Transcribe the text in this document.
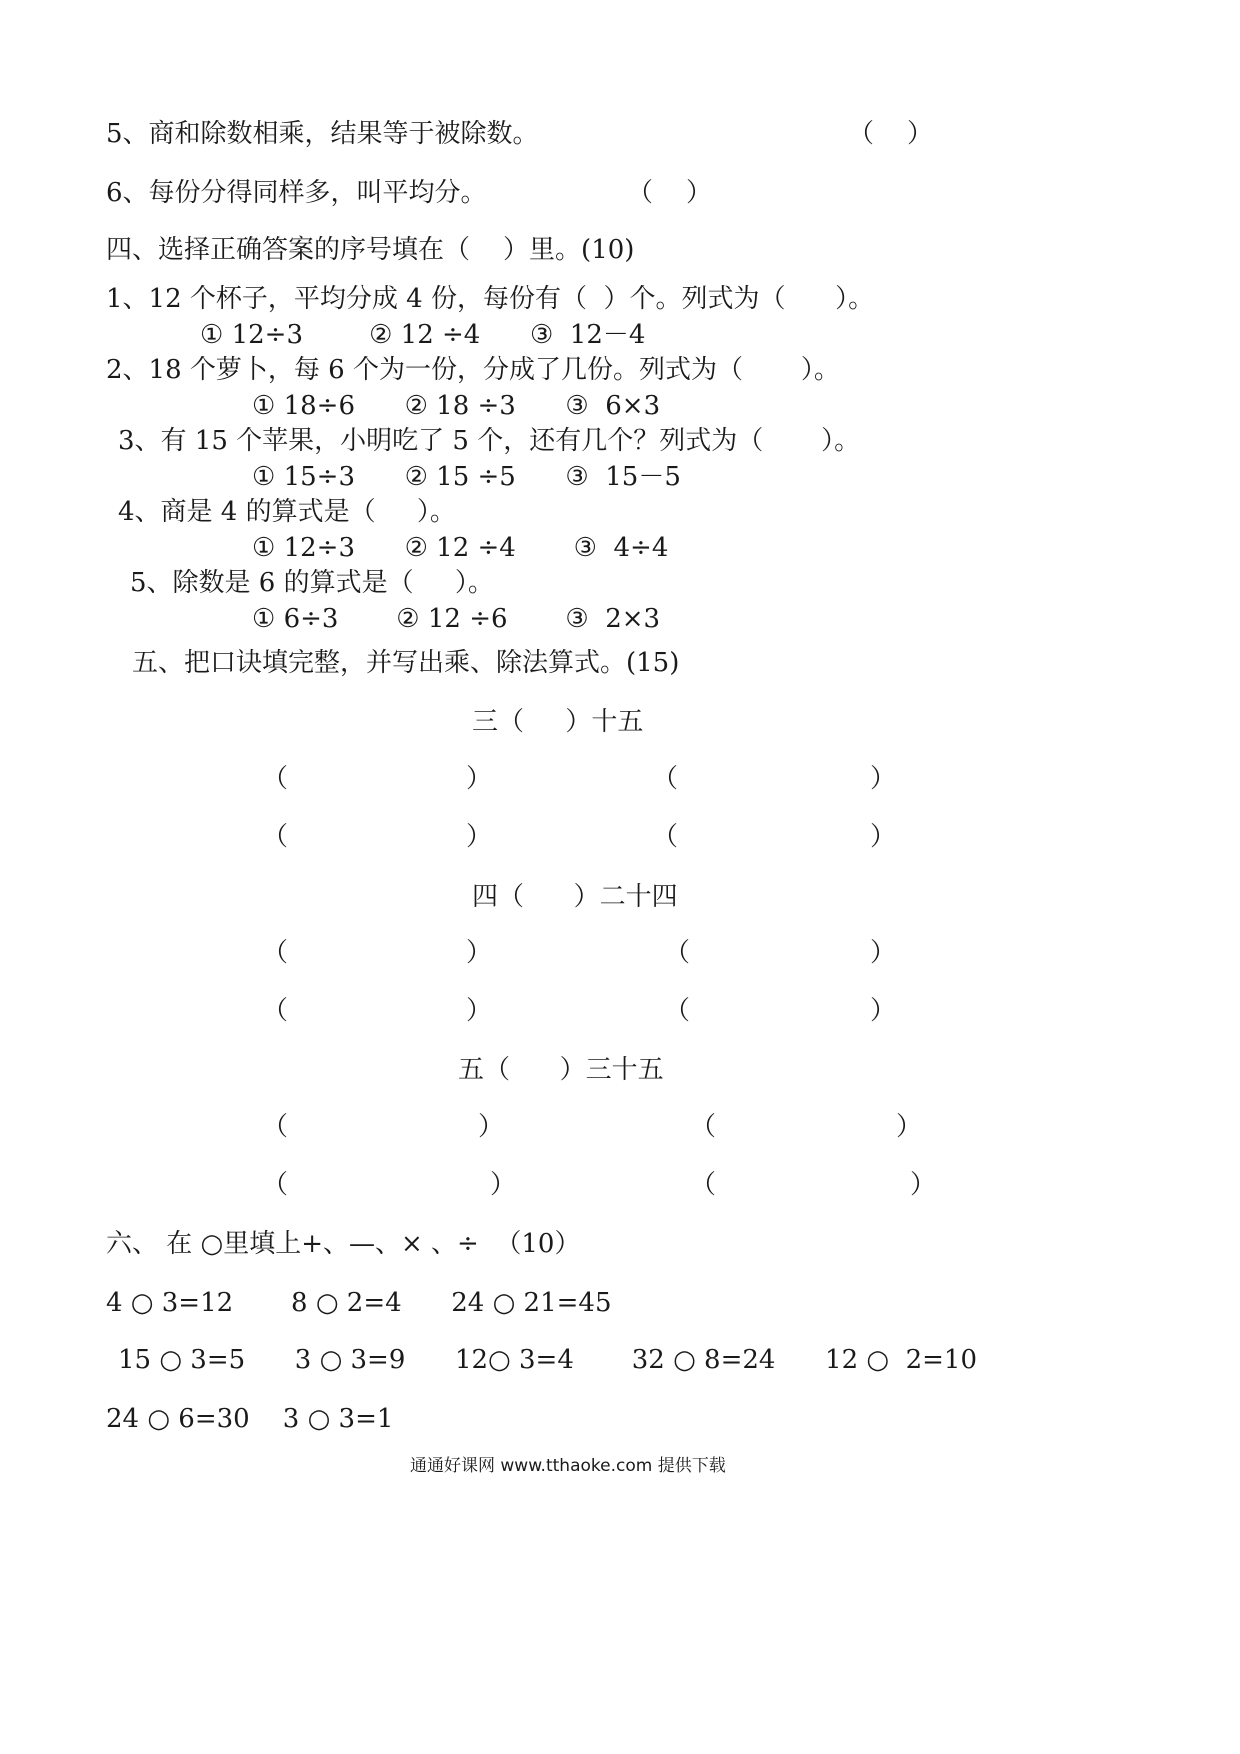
5、商和除数相乘，结果等于被除数。	（    ）
6、每份分得同样多，叫平均分。	（    ）
四、选择正确答案的序号填在（    ）里。(10)
1、12 个杯子，平均分成 4 份，每份有（  ）个。列式为（      ）。
① 12÷3        ② 12 ÷4      ③  12－4
2、18 个萝卜，每 6 个为一份，分成了几份。列式为（       ）。
① 18÷6      ② 18 ÷3      ③  6×3
3、有 15 个苹果，小明吃了 5 个，还有几个？列式为（       ）。
① 15÷3      ② 15 ÷5      ③  15－5
4、商是 4 的算式是（     ）。
① 12÷3      ② 12 ÷4       ③  4÷4
5、除数是 6 的算式是（     ）。
① 6÷3       ② 12 ÷6       ③  2×3
五、把口诀填完整，并写出乘、除法算式。(15)
三（     ）十五
（	）	（	）
（	）	（	）
四（      ）二十四
（	）	（	）
（	）	（	）
五（      ）三十五
（	）	（	）
（	）	（	）
六、 在 ○里填上+、—、× 、÷  （10）
4 ○ 3=12       8 ○ 2=4      24 ○ 21=45
15 ○ 3=5      3 ○ 3=9      12○ 3=4       32 ○ 8=24      12 ○  2=10
24 ○ 6=30    3 ○ 3=1
通通好课网 www.tthaoke.com 提供下载
